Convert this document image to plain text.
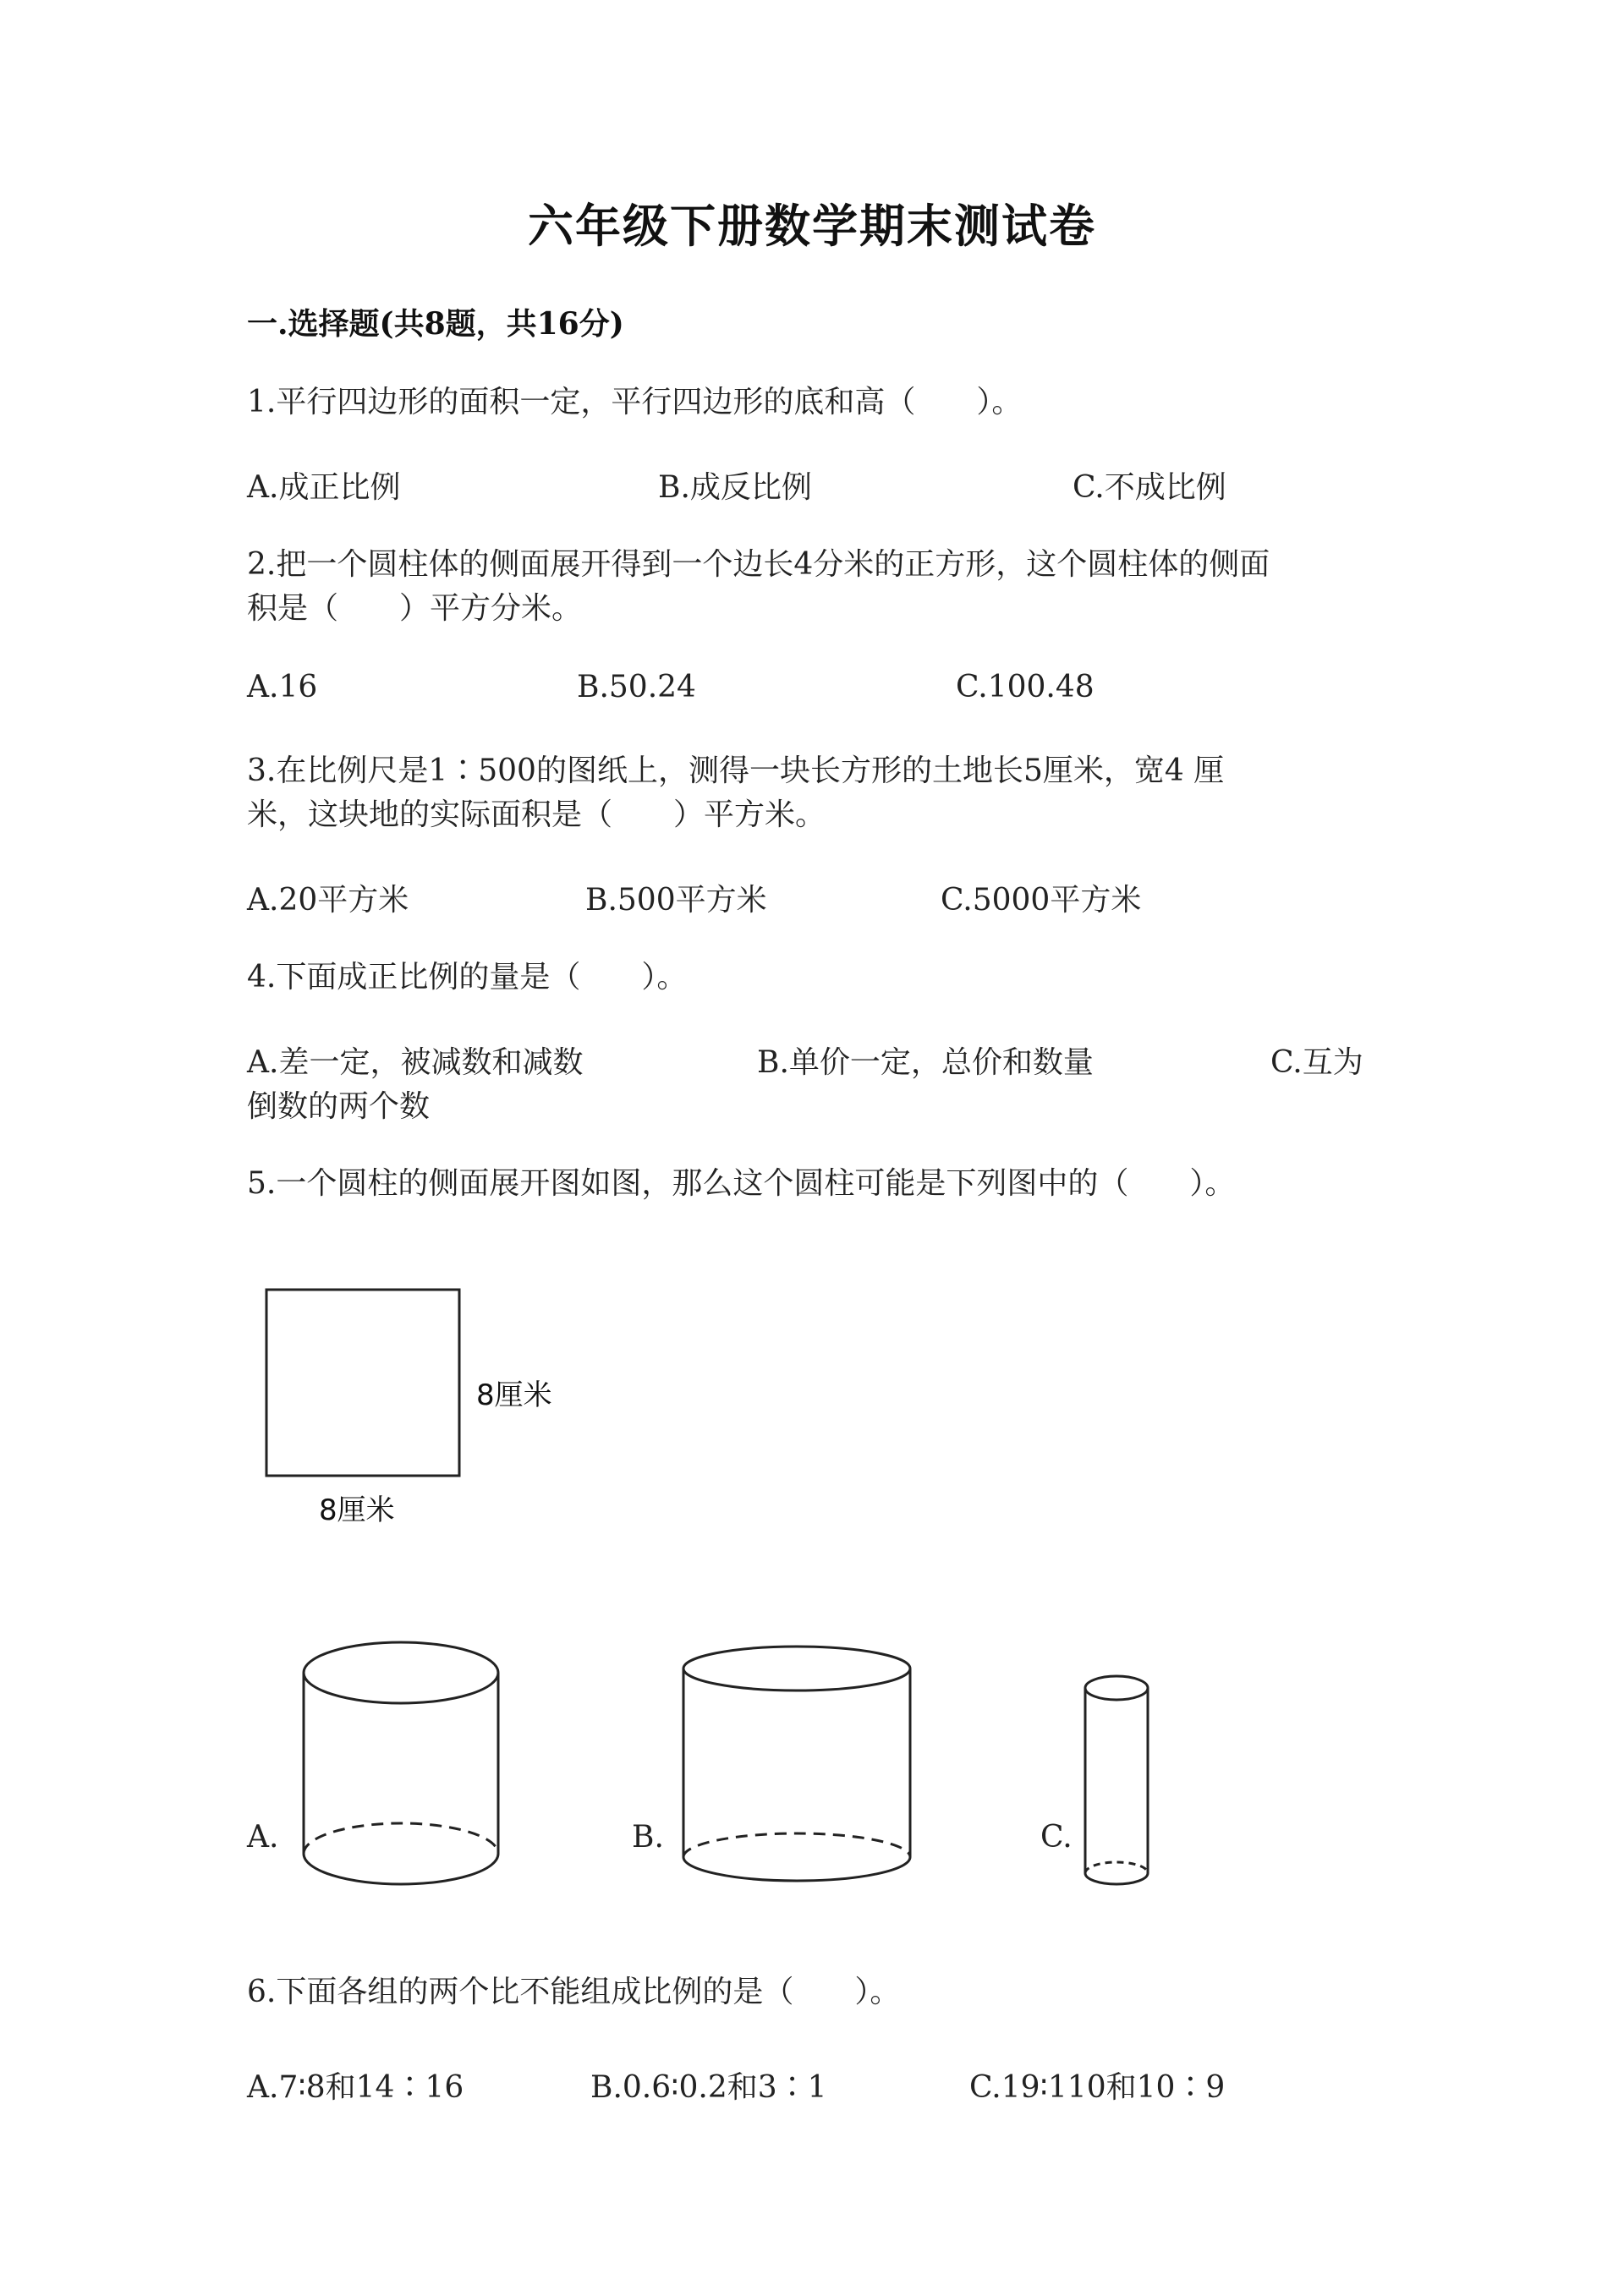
六年级下册数学期末测试卷
一.选择题(共8题，共16分)
1.平行四边形的面积一定，平行四边形的底和高（　　）。
A.成正比例	B.成反比例	C.不成比例
2.把一个圆柱体的侧面展开得到一个边长4分米的正方形，这个圆柱体的侧面
积是（　　）平方分米。
A.16	B.50.24	C.100.48
3.在比例尺是1∶500的图纸上，测得一块长方形的土地长5厘米，宽4 厘
米，这块地的实际面积是（　　）平方米。
A.20平方米	B.500平方米	C.5000平方米
4.下面成正比例的量是（　　）。
A.差一定，被减数和减数	B.单价一定，总价和数量	C.互为
倒数的两个数
5.一个圆柱的侧面展开图如图，那么这个圆柱可能是下列图中的（　　）。
8厘米
8厘米
A.	B.	C.
6.下面各组的两个比不能组成比例的是（　　）。
A.7∶8和14∶16	B.0.6∶0.2和3∶1	C.19∶110和10∶9
